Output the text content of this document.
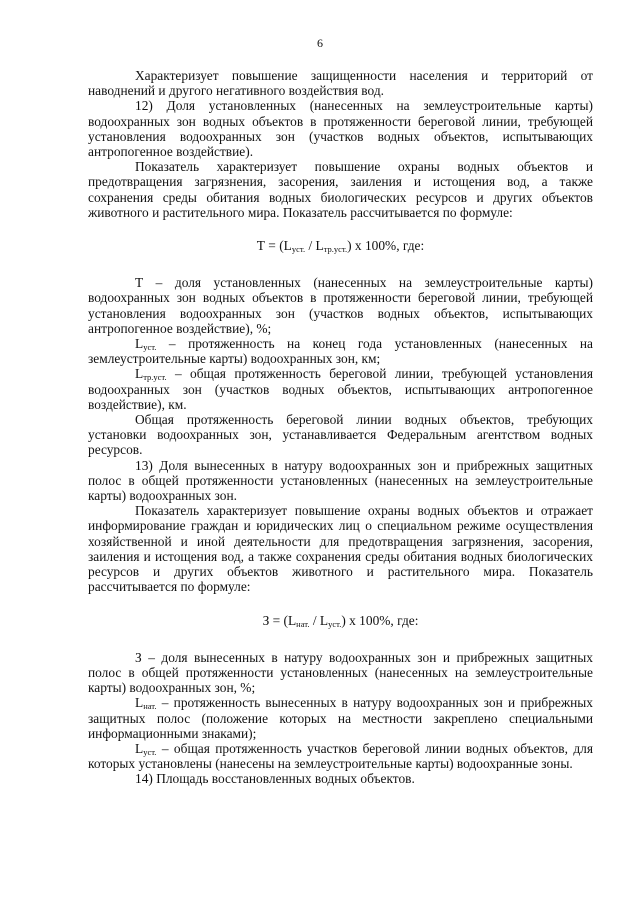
6

Характеризует повышение защищенности населения и территорий от наводнений и другого негативного воздействия вод.

12) Доля установленных (нанесенных на землеустроительные карты) водоохранных зон водных объектов в протяженности береговой линии, требующей установления водоохранных зон (участков водных объектов, испытывающих антропогенное воздействие).

Показатель характеризует повышение охраны водных объектов и предотвращения загрязнения, засорения, заиления и истощения вод, а также сохранения среды обитания водных биологических ресурсов и других объектов животного и растительного мира. Показатель рассчитывается по формуле:

$Т = (L_{уст.} / L_{тр.уст.})$ x 100%, где:

Т – доля установленных (нанесенных на землеустроительные карты) водоохранных зон водных объектов в протяженности береговой линии, требующей установления водоохранных зон (участков водных объектов, испытывающих антропогенное воздействие), %;

$L_{уст.}$ – протяженность на конец года установленных (нанесенных на землеустроительные карты) водоохранных зон, км;

$L_{тр.уст.}$ – общая протяженность береговой линии, требующей установления водоохранных зон (участков водных объектов, испытывающих антропогенное воздействие), км.

Общая протяженность береговой линии водных объектов, требующих установки водоохранных зон, устанавливается Федеральным агентством водных ресурсов.

13) Доля вынесенных в натуру водоохранных зон и прибрежных защитных полос в общей протяженности установленных (нанесенных на землеустроительные карты) водоохранных зон.

Показатель характеризует повышение охраны водных объектов и отражает информирование граждан и юридических лиц о специальном режиме осуществления хозяйственной и иной деятельности для предотвращения загрязнения, засорения, заиления и истощения вод, а также сохранения среды обитания водных биологических ресурсов и других объектов животного и растительного мира. Показатель рассчитывается по формуле:

$З = (L_{нат.} / L_{уст.})$ x 100%, где:

З – доля вынесенных в натуру водоохранных зон и прибрежных защитных полос в общей протяженности установленных (нанесенных на землеустроительные карты) водоохранных зон, %;

$L_{нат.}$ – протяженность вынесенных в натуру водоохранных зон и прибрежных защитных полос (положение которых на местности закреплено специальными информационными знаками);

$L_{уст.}$ – общая протяженность участков береговой линии водных объектов, для которых установлены (нанесены на землеустроительные карты) водоохранные зоны.

14) Площадь восстановленных водных объектов.
